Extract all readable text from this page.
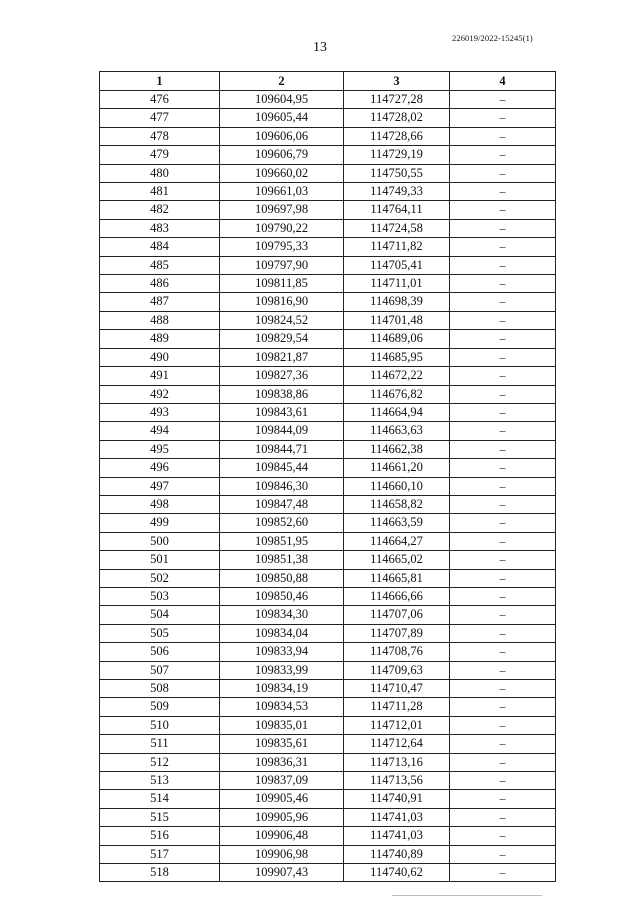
226019/2022-15245(1)
13
1	2	3	4
476	109604,95	114727,28	–
477	109605,44	114728,02	–
478	109606,06	114728,66	–
479	109606,79	114729,19	–
480	109660,02	114750,55	–
481	109661,03	114749,33	–
482	109697,98	114764,11	–
483	109790,22	114724,58	–
484	109795,33	114711,82	–
485	109797,90	114705,41	–
486	109811,85	114711,01	–
487	109816,90	114698,39	–
488	109824,52	114701,48	–
489	109829,54	114689,06	–
490	109821,87	114685,95	–
491	109827,36	114672,22	–
492	109838,86	114676,82	–
493	109843,61	114664,94	–
494	109844,09	114663,63	–
495	109844,71	114662,38	–
496	109845,44	114661,20	–
497	109846,30	114660,10	–
498	109847,48	114658,82	–
499	109852,60	114663,59	–
500	109851,95	114664,27	–
501	109851,38	114665,02	–
502	109850,88	114665,81	–
503	109850,46	114666,66	–
504	109834,30	114707,06	–
505	109834,04	114707,89	–
506	109833,94	114708,76	–
507	109833,99	114709,63	–
508	109834,19	114710,47	–
509	109834,53	114711,28	–
510	109835,01	114712,01	–
511	109835,61	114712,64	–
512	109836,31	114713,16	–
513	109837,09	114713,56	–
514	109905,46	114740,91	–
515	109905,96	114741,03	–
516	109906,48	114741,03	–
517	109906,98	114740,89	–
518	109907,43	114740,62	–
